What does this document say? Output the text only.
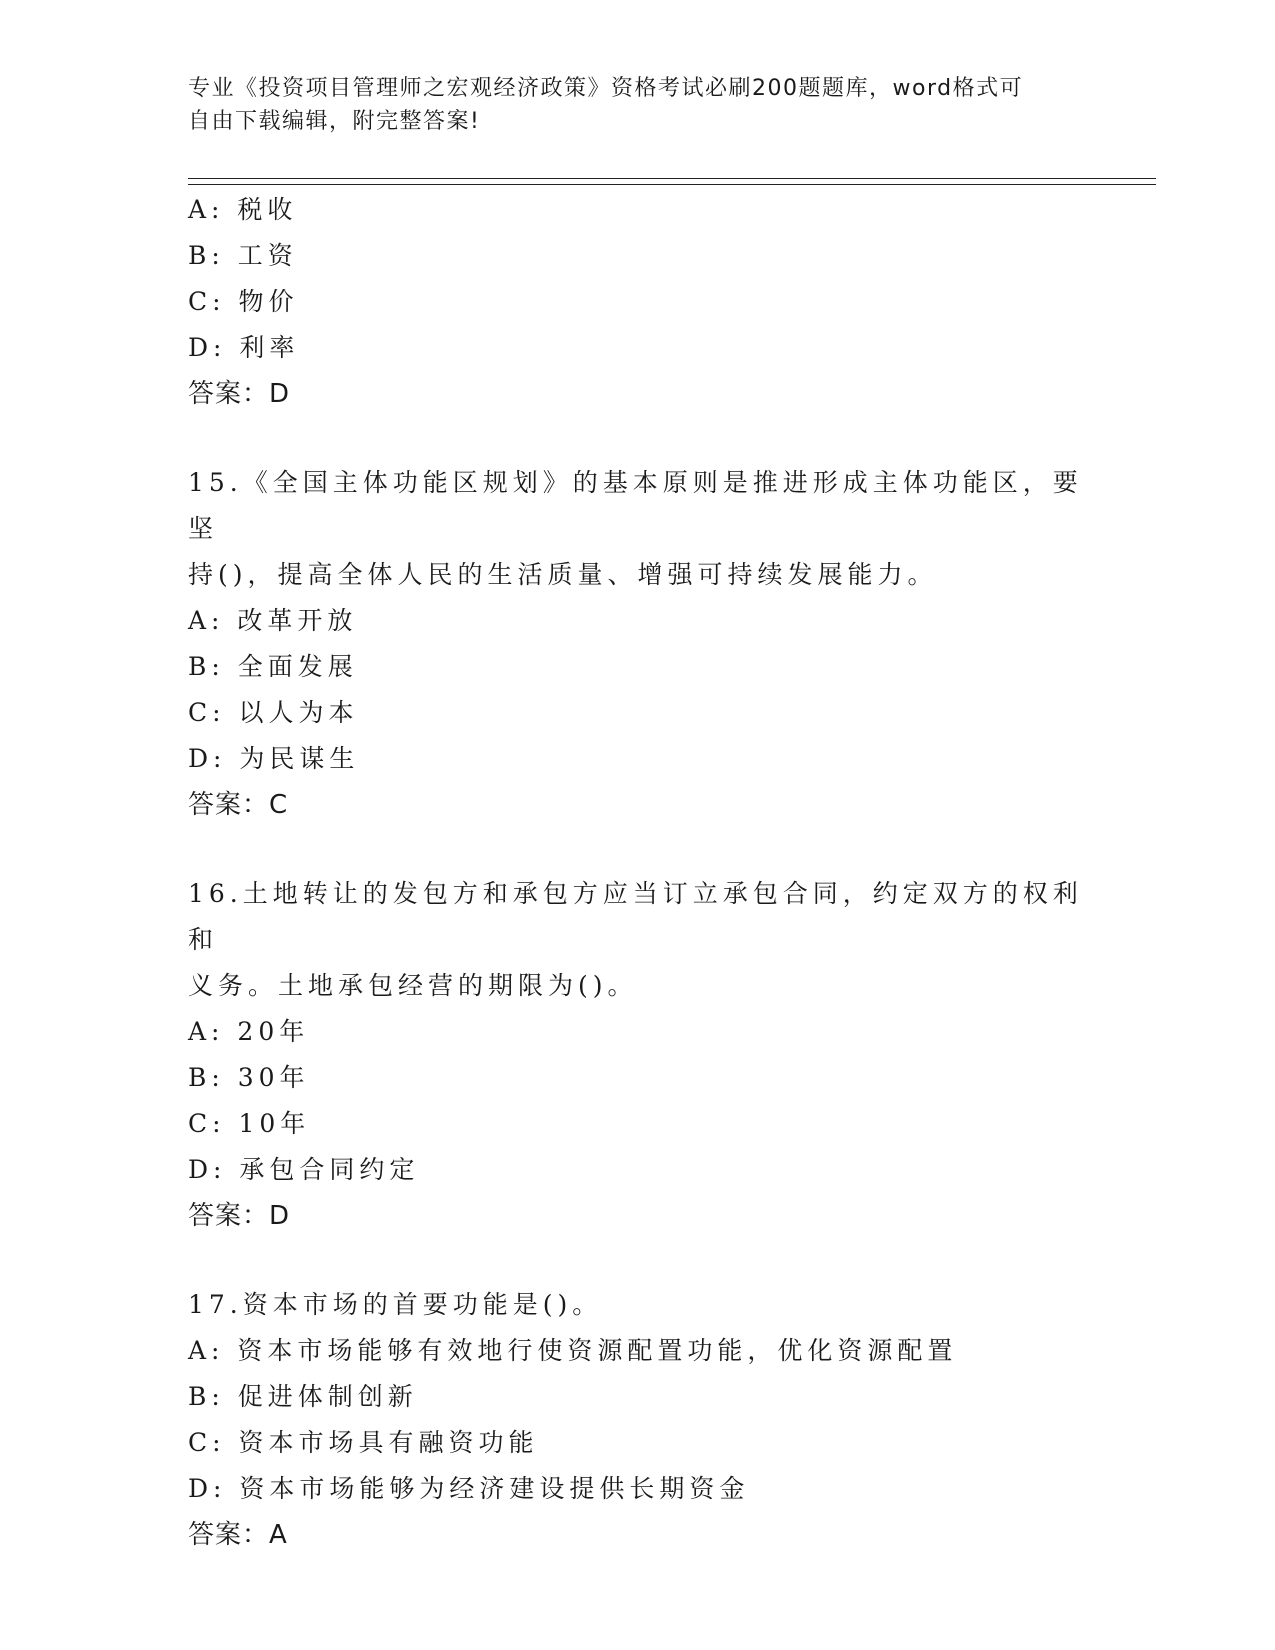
专业《投资项目管理师之宏观经济政策》资格考试必刷200题题库，word格式可
自由下载编辑，附完整答案!

A: 税收

B: 工资

C: 物价

D: 利率

答案：D

15.《全国主体功能区规划》的基本原则是推进形成主体功能区，要坚

持()，提高全体人民的生活质量、增强可持续发展能力。

A: 改革开放

B: 全面发展

C: 以人为本

D: 为民谋生

答案：C

16.土地转让的发包方和承包方应当订立承包合同，约定双方的权利和

义务。土地承包经营的期限为()。

A: 20年

B: 30年

C: 10年

D: 承包合同约定

答案：D

17.资本市场的首要功能是()。

A: 资本市场能够有效地行使资源配置功能，优化资源配置

B: 促进体制创新

C: 资本市场具有融资功能

D: 资本市场能够为经济建设提供长期资金

答案：A
